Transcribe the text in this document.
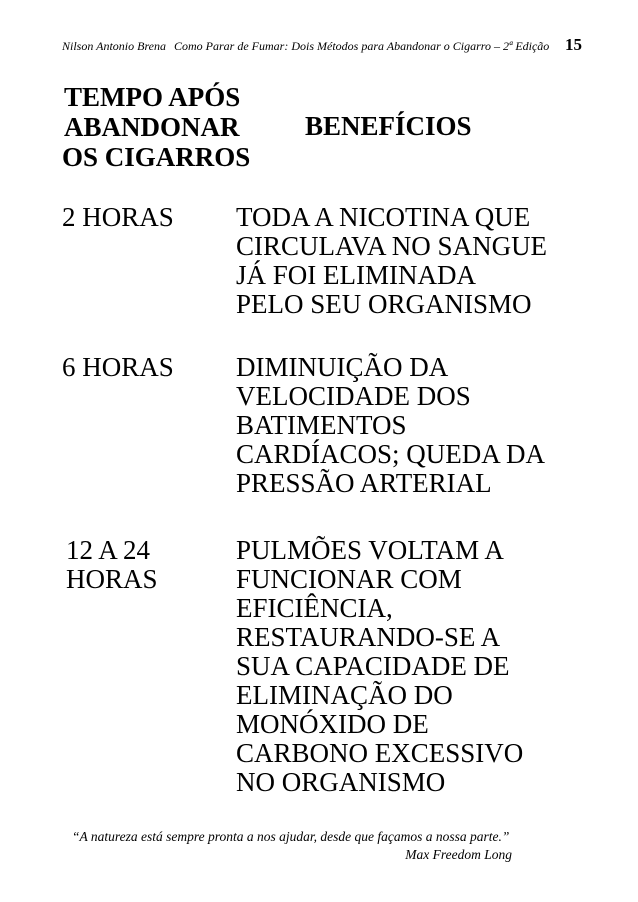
Nilson Antonio Brena Como Parar de Fumar: Dois Métodos para Abandonar o Cigarro – 2ª Edição 15
TEMPO APÓS
ABANDONAR
OS CIGARROS
BENEFÍCIOS
2 HORAS TODA A NICOTINA QUE
CIRCULAVA NO SANGUE
JÁ FOI ELIMINADA
PELO SEU ORGANISMO
6 HORAS DIMINUIÇÃO DA
VELOCIDADE DOS
BATIMENTOS
CARDÍACOS; QUEDA DA
PRESSÃO ARTERIAL
12 A 24
HORAS
PULMÕES VOLTAM A
FUNCIONAR COM
EFICIÊNCIA,
RESTAURANDO-SE A
SUA CAPACIDADE DE
ELIMINAÇÃO DO
MONÓXIDO DE
CARBONO EXCESSIVO
NO ORGANISMO
“A natureza está sempre pronta a nos ajudar, desde que façamos a nossa parte.”
Max Freedom Long
